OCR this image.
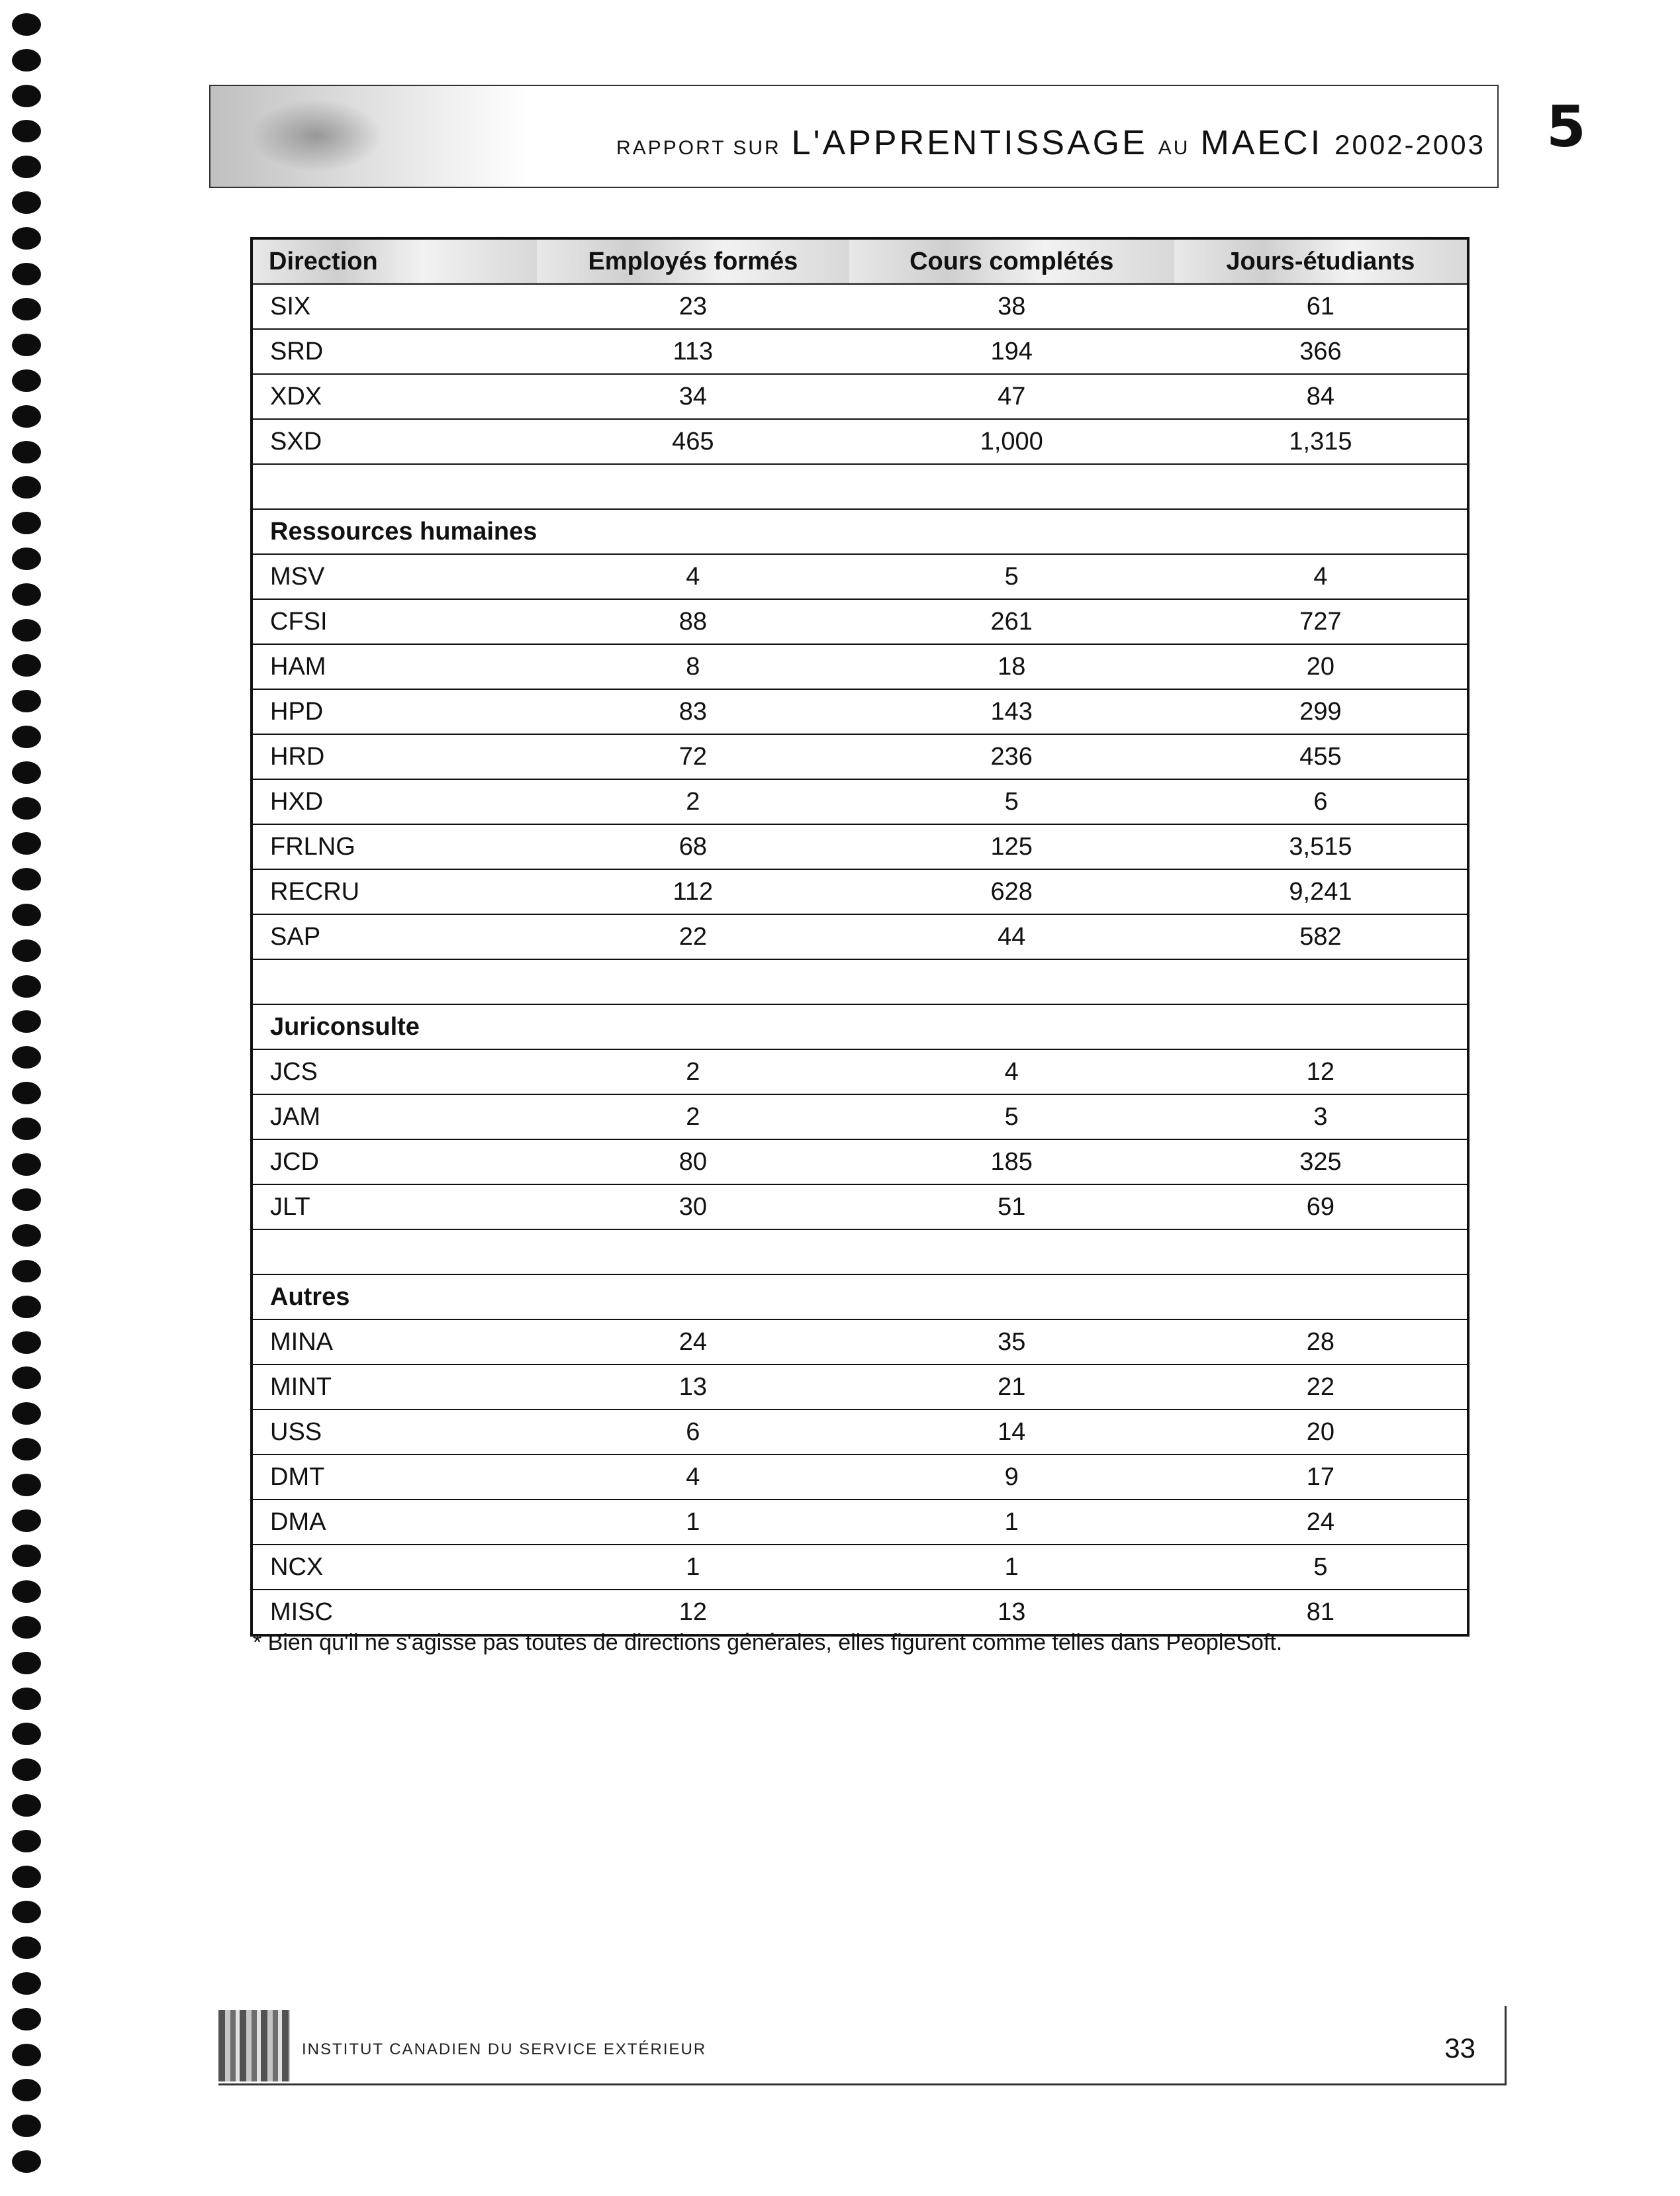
RAPPORT SUR L'APPRENTISSAGE AU MAECI 2002-2003 5
Direction	Employés formés	Cours complétés	Jours-étudiants
SIX	23	38	61
SRD	113	194	366
XDX	34	47	84
SXD	465	1,000	1,315

Ressources humaines			
MSV	4	5	4
CFSI	88	261	727
HAM	8	18	20
HPD	83	143	299
HRD	72	236	455
HXD	2	5	6
FRLNG	68	125	3,515
RECRU	112	628	9,241
SAP	22	44	582

Juriconsulte			
JCS	2	4	12
JAM	2	5	3
JCD	80	185	325
JLT	30	51	69

Autres			
MINA	24	35	28
MINT	13	21	22
USS	6	14	20
DMT	4	9	17
DMA	1	1	24
NCX	1	1	5
MISC	12	13	81
* Bien qu'il ne s'agisse pas toutes de directions générales, elles figurent comme telles dans PeopleSoft.
INSTITUT CANADIEN DU SERVICE EXTÉRIEUR	33
